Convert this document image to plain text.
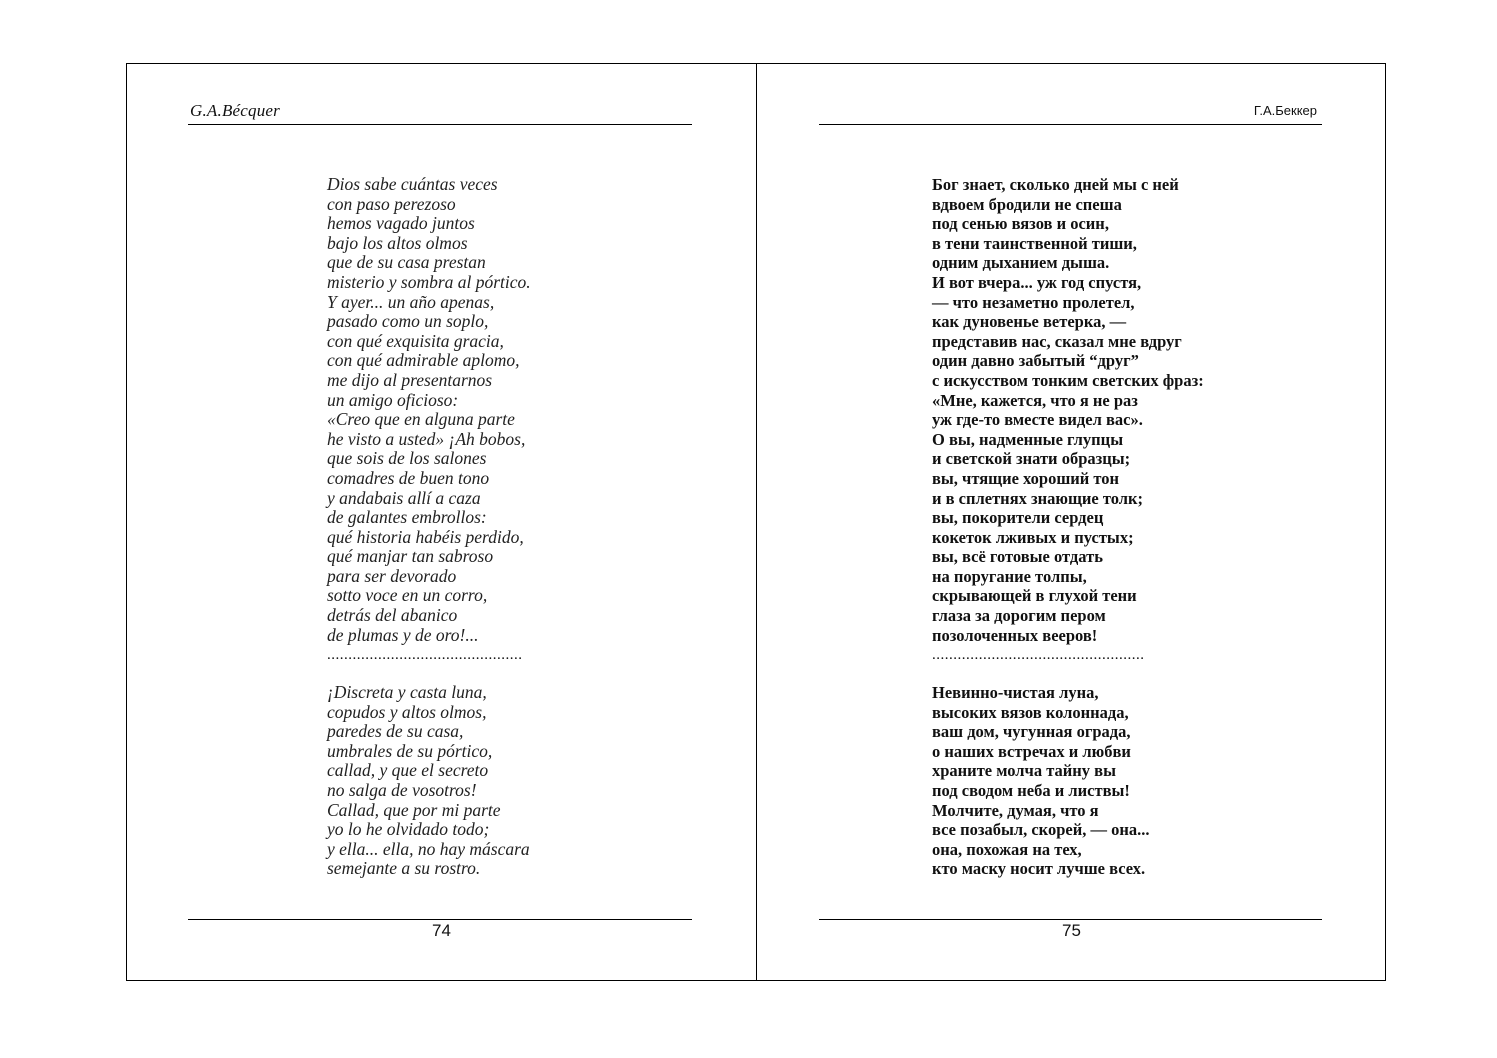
G.A.Bécquer
Dios sabe cuántas veces
con paso perezoso
hemos vagado juntos
bajo los altos olmos
que de su casa prestan
misterio y sombra al pórtico.
Y ayer... un año apenas,
pasado como un soplo,
con qué exquisita gracia,
con qué admirable aplomo,
me dijo al presentarnos
un amigo oficioso:
«Creo que en alguna parte
he visto a usted» ¡Ah bobos,
que sois de los salones
comadres de buen tono
y andabais allí a caza
de galantes embrollos:
qué historia habéis perdido,
qué manjar tan sabroso
para ser devorado
sotto voce en un corro,
detrás del abanico
de plumas y de oro!...
..............................................
¡Discreta y casta luna,
copudos y altos olmos,
paredes de su casa,
umbrales de su pórtico,
callad, y que el secreto
no salga de vosotros!
Callad, que por mi parte
yo lo he olvidado todo;
y ella... ella, no hay máscara
semejante a su rostro.
74
Г.А.Беккер
Бог знает, сколько дней мы с ней
вдвоем бродили не спеша
под сенью вязов и осин,
в тени таинственной тиши,
одним дыханием дыша.
И вот вчера... уж год спустя,
— что незаметно пролетел,
как дуновенье ветерка, —
представив нас, сказал мне вдруг
один давно забытый “друг”
с искусством тонким светских фраз:
«Мне, кажется, что я не раз
уж где-то вместе видел вас».
О вы, надменные глупцы
и светской знати образцы;
вы, чтящие хороший тон
и в сплетнях знающие толк;
вы, покорители сердец
кокеток лживых и пустых;
вы, всё готовые отдать
на поругание толпы,
скрывающей в глухой тени
глаза за дорогим пером
позолоченных вееров!
..................................................
Невинно-чистая луна,
высоких вязов колоннада,
ваш дом, чугунная ограда,
о наших встречах и любви
храните молча тайну вы
под сводом неба и листвы!
Молчите, думая, что я
все позабыл, скорей, — она...
она, похожая на тех,
кто маску носит лучше всех.
75
